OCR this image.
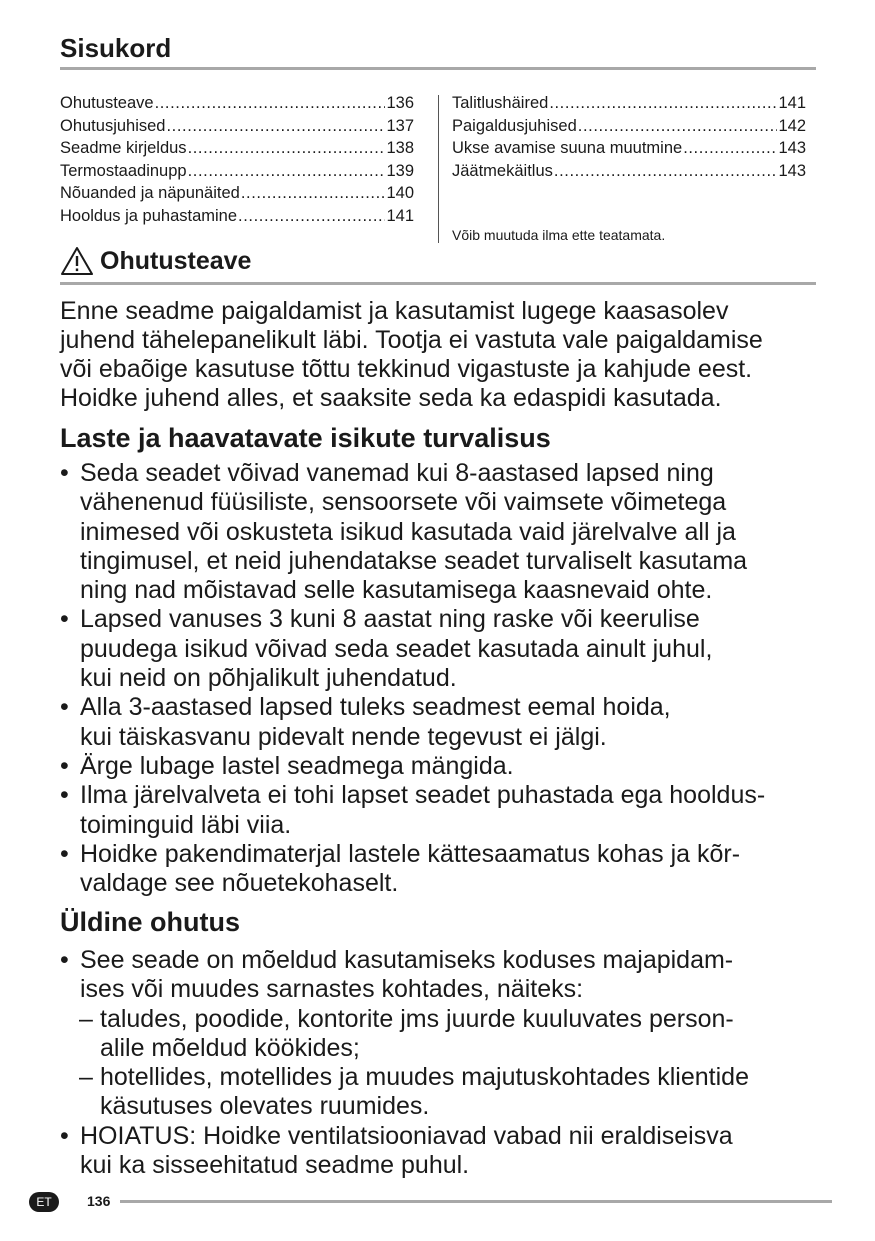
Sisukord
Ohutusteave .....	136
Ohutusjuhised .....	137
Seadme kirjeldus .....	138
Termostaadinupp .....	139
Nõuanded ja näpunäited .....	140
Hooldus ja puhastamine .....	141
Talitlushäired .....	141
Paigaldusjuhised .....	142
Ukse avamise suuna muutmine .....	143
Jäätmekäitlus .....	143
Võib muutuda ilma ette teatamata.
Ohutusteave
Enne seadme paigaldamist ja kasutamist lugege kaasasolev
juhend tähelepanelikult läbi. Tootja ei vastuta vale paigaldamise
või ebaõige kasutuse tõttu tekkinud vigastuste ja kahjude eest.
Hoidke juhend alles, et saaksite seda ka edaspidi kasutada.
Laste ja haavatavate isikute turvalisus
• Seda seadet võivad vanemad kui 8-aastased lapsed ning
vähenenud füüsiliste, sensoorsete või vaimsete võimetega
inimesed või oskusteta isikud kasutada vaid järelvalve all ja
tingimusel, et neid juhendatakse seadet turvaliselt kasutama
ning nad mõistavad selle kasutamisega kaasnevaid ohte.
• Lapsed vanuses 3 kuni 8 aastat ning raske või keerulise
puudega isikud võivad seda seadet kasutada ainult juhul,
kui neid on põhjalikult juhendatud.
• Alla 3-aastased lapsed tuleks seadmest eemal hoida,
kui täiskasvanu pidevalt nende tegevust ei jälgi.
• Ärge lubage lastel seadmega mängida.
• Ilma järelvalveta ei tohi lapset seadet puhastada ega hooldus-
toiminguid läbi viia.
• Hoidke pakendimaterjal lastele kättesaamatus kohas ja kõr-
valdage see nõuetekohaselt.
Üldine ohutus
• See seade on mõeldud kasutamiseks koduses majapidam-
ises või muudes sarnastes kohtades, näiteks:
– taludes, poodide, kontorite jms juurde kuuluvates person-
alile mõeldud köökides;
– hotellides, motellides ja muudes majutuskohtades klientide
käsutuses olevates ruumides.
• HOIATUS: Hoidke ventilatsiooniavad vabad nii eraldiseisva
kui ka sisseehitatud seadme puhul.
ET	136
